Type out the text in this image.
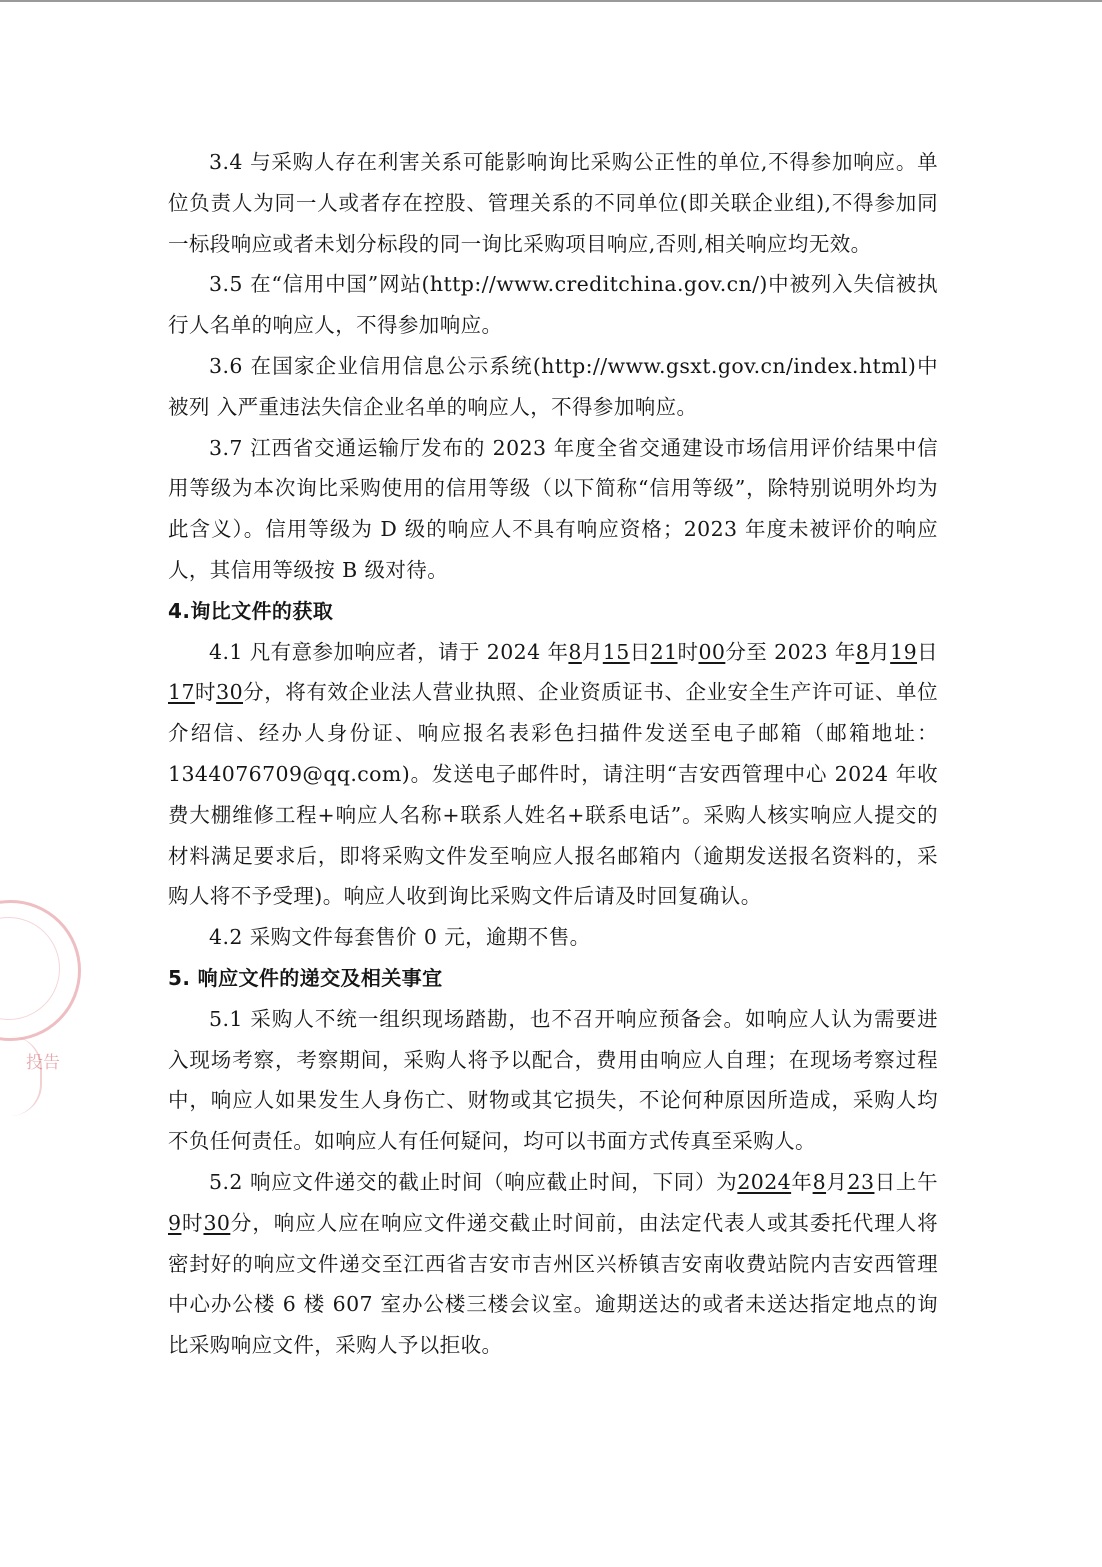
投告

3.4 与采购人存在利害关系可能影响询比采购公正性的单位,不得参加响应。单位负责人为同一人或者存在控股、管理关系的不同单位(即关联企业组),不得参加同一标段响应或者未划分标段的同一询比采购项目响应,否则,相关响应均无效。

3.5 在“信用中国”网站(http://www.creditchina.gov.cn/)中被列入失信被执行人名单的响应人，不得参加响应。

3.6 在国家企业信用信息公示系统(http://www.gsxt.gov.cn/index.html)中被列 入严重违法失信企业名单的响应人，不得参加响应。

3.7 江西省交通运输厅发布的 2023 年度全省交通建设市场信用评价结果中信用等级为本次询比采购使用的信用等级（以下简称“信用等级”，除特别说明外均为此含义）。信用等级为 D 级的响应人不具有响应资格；2023 年度未被评价的响应人，其信用等级按 B 级对待。

4.询比文件的获取

4.1 凡有意参加响应者，请于 2024 年8月15日21时00分至 2023 年8月19日17时30分，将有效企业法人营业执照、企业资质证书、企业安全生产许可证、单位介绍信、经办人身份证、响应报名表彩色扫描件发送至电子邮箱（邮箱地址：1344076709@qq.com)。发送电子邮件时，请注明“吉安西管理中心 2024 年收费大棚维修工程+响应人名称+联系人姓名+联系电话”。采购人核实响应人提交的材料满足要求后，即将采购文件发至响应人报名邮箱内（逾期发送报名资料的，采购人将不予受理)。响应人收到询比采购文件后请及时回复确认。

4.2 采购文件每套售价 0 元，逾期不售。

5. 响应文件的递交及相关事宜

5.1 采购人不统一组织现场踏勘，也不召开响应预备会。如响应人认为需要进入现场考察，考察期间，采购人将予以配合，费用由响应人自理；在现场考察过程中，响应人如果发生人身伤亡、财物或其它损失，不论何种原因所造成，采购人均不负任何责任。如响应人有任何疑问，均可以书面方式传真至采购人。

5.2 响应文件递交的截止时间（响应截止时间，下同）为2024年8月23日上午9时30分，响应人应在响应文件递交截止时间前，由法定代表人或其委托代理人将密封好的响应文件递交至江西省吉安市吉州区兴桥镇吉安南收费站院内吉安西管理中心办公楼 6 楼 607 室办公楼三楼会议室。逾期送达的或者未送达指定地点的询比采购响应文件，采购人予以拒收。
